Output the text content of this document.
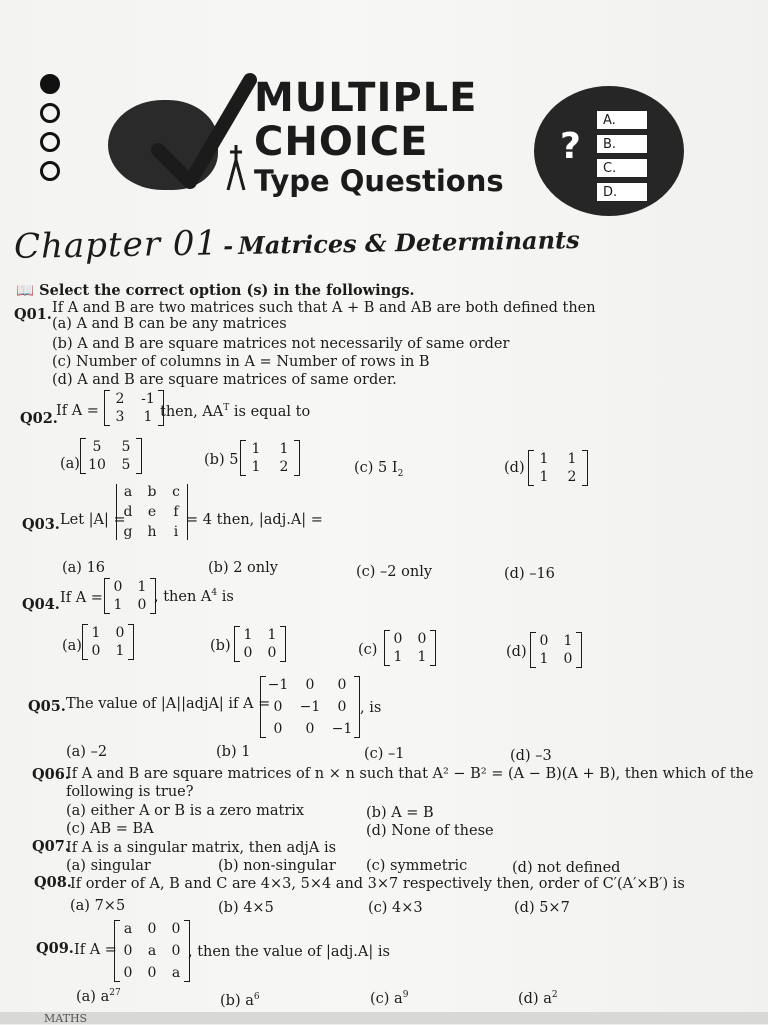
MULTIPLE
CHOICE
Type Questions
?
A.
B.
C.
D.
Chapter 01 - Matrices & Determinants
📖 Select the correct option (s) in the followings.
Q01. If A and B are two matrices such that A + B and AB are both defined then
(a) A and B can be any matrices
(b) A and B are square matrices not necessarily of same order
(c) Number of columns in A = Number of rows in B
(d) A and B are square matrices of same order.
Q02.
If A =
2	-1
3	1 then, $AA^T$ is equal to
(a)
5	5
10	5	(b) 5
1	1
1	2	(c) 5 $I_2$	(d)
1	1
1	2
Q03. Let |A| =
a b c
d e f
g h i
= 4 then, |adj.A| =
(a) 16	(b) 2 only	(c) –2 only	(d) –16
Q04. If A =
0 1
1 0
, then $A^4$ is
(a)
1 0
0 1	(b)
1 1
0 0	(c)
0 0
1 1	(d)
0 1
1 0
Q05. The value of |A||adjA| if A =
−1	0	0
0	−1	0
0	0	−1
, is
(a) –2	(b) 1	(c) –1	(d) –3
Q06.
If A and B are square matrices of n × n such that A² − B² = (A − B)(A + B), then which of the
following is true?
(a) either A or B is a zero matrix	(b) A = B
(c) AB = BA	(d) None of these
Q07.
If A is a singular matrix, then adjA is
(a) singular	(b) non-singular (c) symmetric	(d) not defined
Q08.
If order of A, B and C are 4×3, 5×4 and 3×7 respectively then, order of C′(A′×B′) is
(a) 7×5	(b) 4×5	(c) 4×3	(d) 5×7
Q09. If A =
a 0 0
0 a 0
0 0 a
, then the value of |adj.A| is
(a) $a^{27}$	(b) $a^6$	(c) $a^9$	(d) $a^2$
MATHS
